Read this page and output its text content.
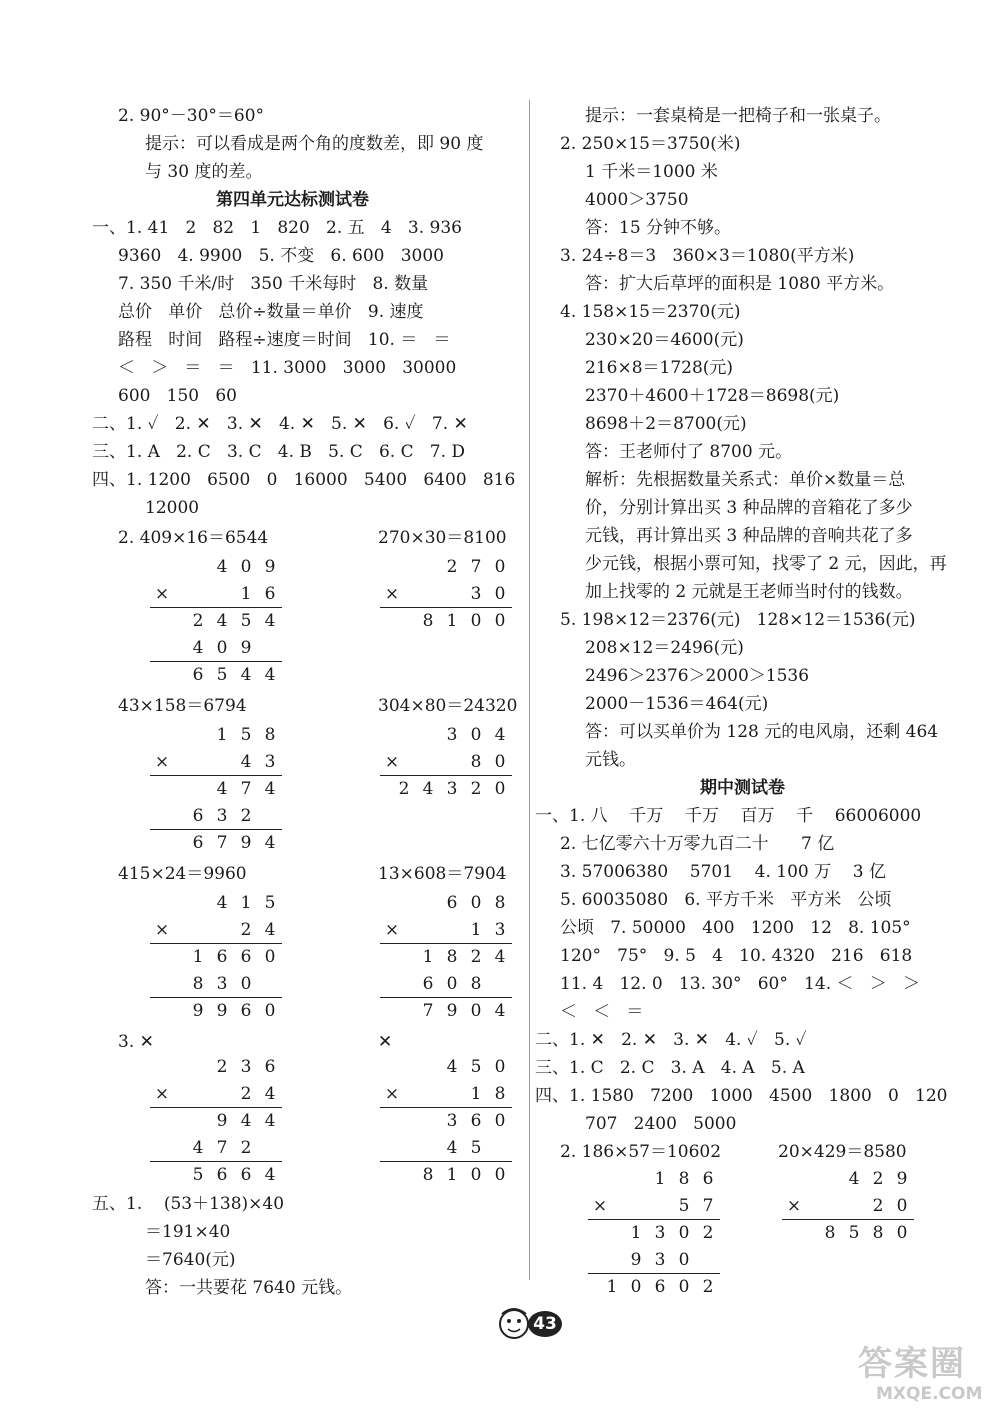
2. 90°－30°＝60°
提示：可以看成是两个角的度数差，即 90 度
与 30 度的差。
第四单元达标测试卷
一、1. 41   2   82   1   820   2. 五   4   3. 936
9360   4. 9900   5. 不变   6. 600   3000
7. 350 千米/时   350 千米每时   8. 数量
总价   单价   总价÷数量＝单价   9. 速度
路程   时间   路程÷速度＝时间   10. ＝   ＝
＜   ＞   ＝   ＝   11. 3000   3000   30000
600   150   60
二、1. ✓   2. ✕   3. ✕   4. ✕   5. ✕   6. ✓   7. ✕
三、1. A   2. C   3. C   4. B   5. C   6. C   7. D
四、1. 1200   6500   0   16000   5400   6400   816
12000
2. 409×16＝6544	270×30＝8100
4 0 9
1 6
×
2 4 5 4
4 0 9
6 5 4 4
2 7 0
3 0
×
8 1 0 0
43×158＝6794	304×80＝24320
1 5 8
4 3
×
4 7 4
6 3 2
6 7 9 4
3 0 4
8 0
×
2 4 3 2 0
415×24＝9960	13×608＝7904
4 1 5
2 4
×
1 6 6 0
8 3 0
9 9 6 0
6 0 8
1 3
×
1 8 2 4
6 0 8
7 9 0 4
3. ✕	✕
2 3 6
2 4
×
9 4 4
4 7 2
5 6 6 4
4 5 0
1 8
×
3 6 0
4 5
8 1 0 0
五、1.    (53＋138)×40
＝191×40
＝7640(元)
答：一共要花 7640 元钱。
提示：一套桌椅是一把椅子和一张桌子。
2. 250×15＝3750(米)
1 千米＝1000 米
4000＞3750
答：15 分钟不够。
3. 24÷8＝3   360×3＝1080(平方米)
答：扩大后草坪的面积是 1080 平方米。
4. 158×15＝2370(元)
230×20＝4600(元)
216×8＝1728(元)
2370＋4600＋1728＝8698(元)
8698＋2＝8700(元)
答：王老师付了 8700 元。
解析：先根据数量关系式：单价×数量＝总
价，分别计算出买 3 种品牌的音箱花了多少
元钱，再计算出买 3 种品牌的音响共花了多
少元钱，根据小票可知，找零了 2 元，因此，再
加上找零的 2 元就是王老师当时付的钱数。
5. 198×12＝2376(元)   128×12＝1536(元)
208×12＝2496(元)
2496＞2376＞2000＞1536
2000－1536＝464(元)
答：可以买单价为 128 元的电风扇，还剩 464
元钱。
期中测试卷
一、1. 八    千万    千万    百万    千    66006000
2. 七亿零六十万零九百二十      7 亿
3. 57006380    5701    4. 100 万    3 亿
5. 60035080   6. 平方千米   平方米   公顷
公顷   7. 50000   400   1200   12   8. 105°
120°   75°   9. 5   4   10. 4320   216   618
11. 4   12. 0   13. 30°   60°   14. ＜   ＞   ＞
＜   ＜   ＝
二、1. ✕   2. ✕   3. ✕   4. ✓   5. ✓
三、1. C   2. C   3. A   4. A   5. A
四、1. 1580   7200   1000   4500   1800   0   120
707   2400   5000
2. 186×57＝10602	20×429＝8580
1 8 6
5 7
×
1 3 0 2
9 3 0
1 0 6 0 2
4 2 9
2 0
×
8 5 8 0
43
答案圈
MXQE.COM
